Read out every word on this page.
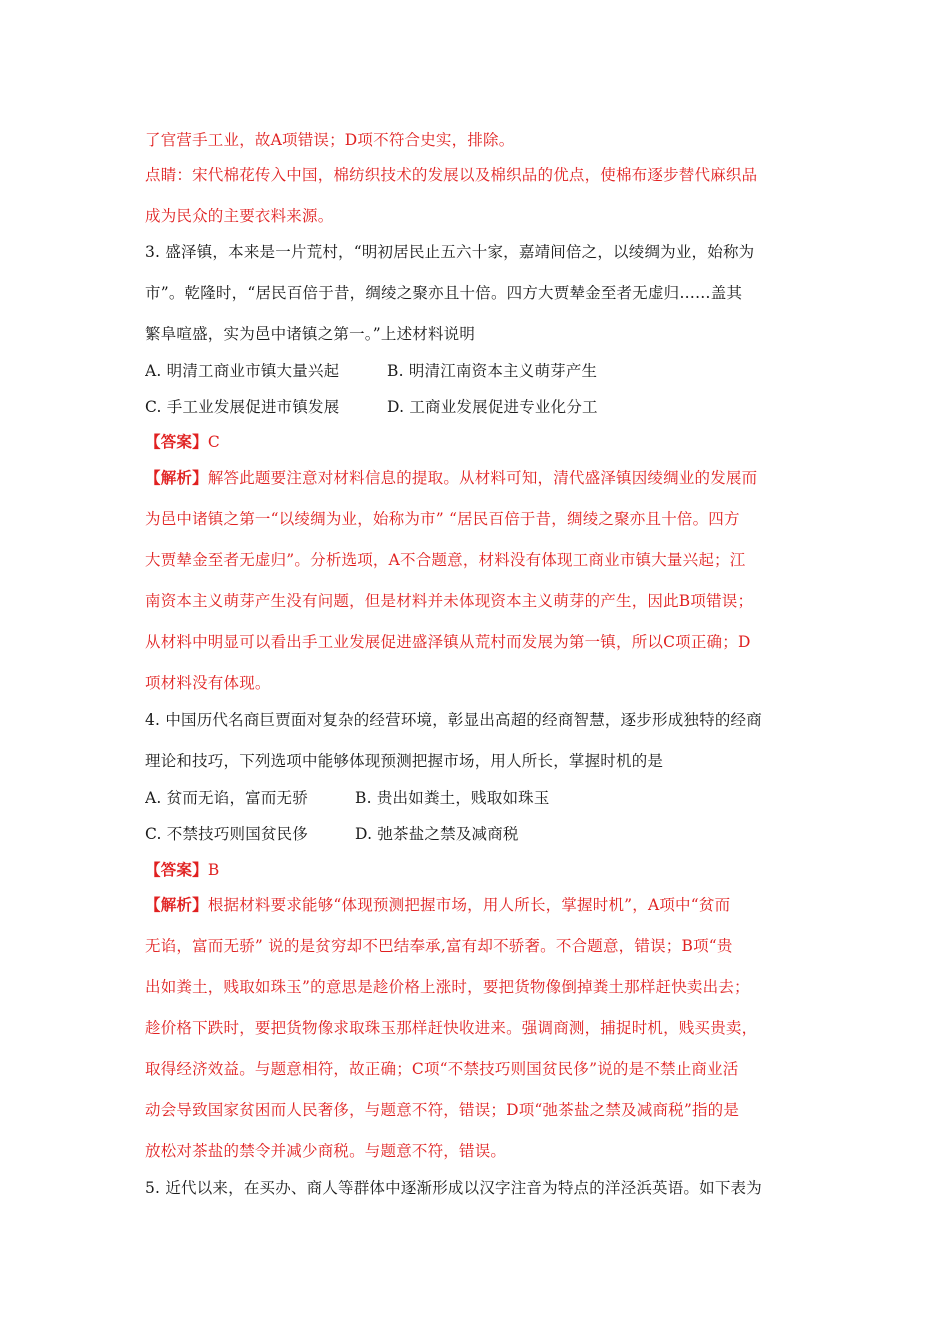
了官营手工业，故A项错误；D项不符合史实，排除。
点睛：宋代棉花传入中国，棉纺织技术的发展以及棉织品的优点，使棉布逐步替代麻织品
成为民众的主要衣料来源。
3. 盛泽镇，本来是一片荒村，“明初居民止五六十家，嘉靖间倍之，以绫绸为业，始称为
市”。乾隆时，“居民百倍于昔，绸绫之聚亦且十倍。四方大贾辇金至者无虚归……盖其
繁阜喧盛，实为邑中诸镇之第一。”上述材料说明
A. 明清工商业市镇大量兴起	B. 明清江南资本主义萌芽产生
C. 手工业发展促进市镇发展	D. 工商业发展促进专业化分工
【答案】C
【解析】解答此题要注意对材料信息的提取。从材料可知，清代盛泽镇因绫绸业的发展而
为邑中诸镇之第一“以绫绸为业，始称为市” “居民百倍于昔，绸绫之聚亦且十倍。四方
大贾辇金至者无虚归”。分析选项，A不合题意，材料没有体现工商业市镇大量兴起；江
南资本主义萌芽产生没有问题，但是材料并未体现资本主义萌芽的产生，因此B项错误；
从材料中明显可以看出手工业发展促进盛泽镇从荒村而发展为第一镇，所以C项正确；D
项材料没有体现。
4. 中国历代名商巨贾面对复杂的经营环境，彰显出高超的经商智慧，逐步形成独特的经商
理论和技巧，下列选项中能够体现预测把握市场，用人所长，掌握时机的是
A. 贫而无谄，富而无骄	B. 贵出如粪土，贱取如珠玉
C. 不禁技巧则国贫民侈	D. 弛茶盐之禁及减商税
【答案】B
【解析】根据材料要求能够“体现预测把握市场，用人所长，掌握时机”，A项中“贫而
无谄，富而无骄” 说的是贫穷却不巴结奉承,富有却不骄奢。不合题意，错误；B项“贵
出如粪土，贱取如珠玉”的意思是趁价格上涨时，要把货物像倒掉粪土那样赶快卖出去；
趁价格下跌时，要把货物像求取珠玉那样赶快收进来。强调商测，捕捉时机，贱买贵卖，
取得经济效益。与题意相符，故正确；C项“不禁技巧则国贫民侈”说的是不禁止商业活
动会导致国家贫困而人民奢侈，与题意不符，错误；D项“弛茶盐之禁及减商税”指的是
放松对茶盐的禁令并减少商税。与题意不符，错误。
5. 近代以来，在买办、商人等群体中逐渐形成以汉字注音为特点的洋泾浜英语。如下表为
